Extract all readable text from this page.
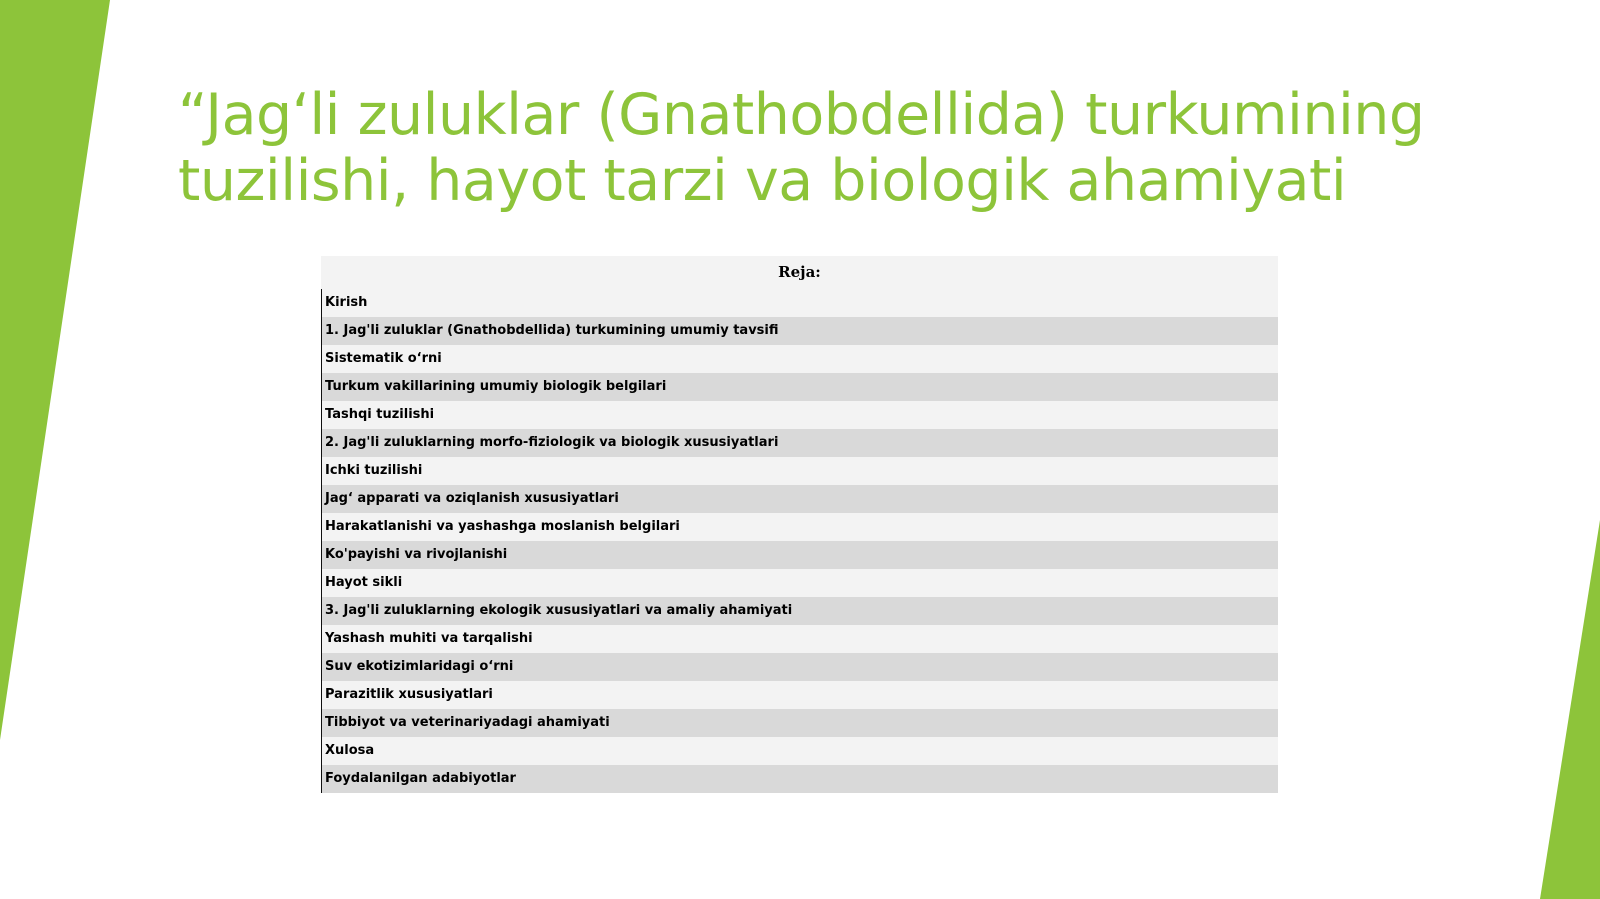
“Jag‘li zuluklar (Gnathobdellida) turkumining
tuzilishi, hayot tarzi va biologik ahamiyati
Reja:
Kirish
1. Jag'li zuluklar (Gnathobdellida) turkumining umumiy tavsifi
Sistematik o‘rni
Turkum vakillarining umumiy biologik belgilari
Tashqi tuzilishi
2. Jag'li zuluklarning morfo-fiziologik va biologik xususiyatlari
Ichki tuzilishi
Jag‘ apparati va oziqlanish xususiyatlari
Harakatlanishi va yashashga moslanish belgilari
Ko'payishi va rivojlanishi
Hayot sikli
3. Jag'li zuluklarning ekologik xususiyatlari va amaliy ahamiyati
Yashash muhiti va tarqalishi
Suv ekotizimlaridagi o‘rni
Parazitlik xususiyatlari
Tibbiyot va veterinariyadagi ahamiyati
Xulosa
Foydalanilgan adabiyotlar
